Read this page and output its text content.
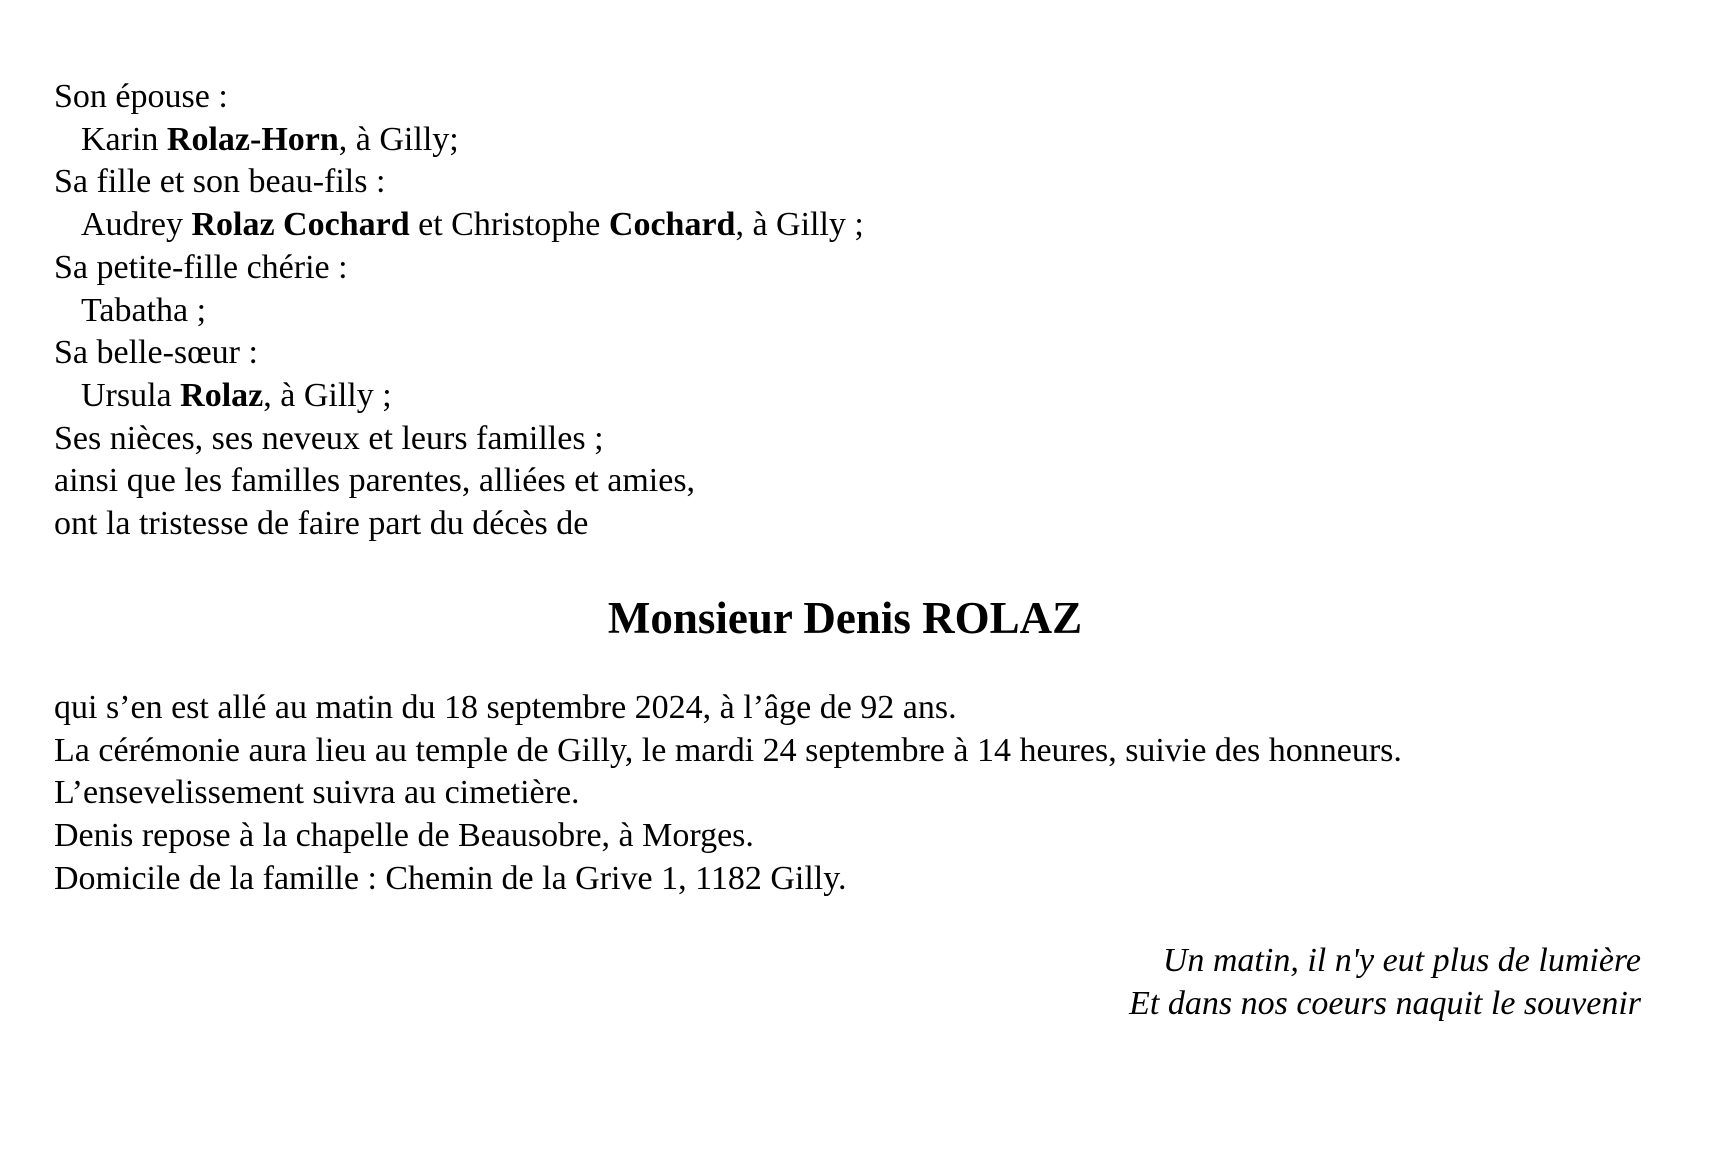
Son épouse :
Karin Rolaz-Horn, à Gilly;
Sa fille et son beau-fils :
Audrey Rolaz Cochard et Christophe Cochard, à Gilly ;
Sa petite-fille chérie :
Tabatha ;
Sa belle-sœur :
Ursula Rolaz, à Gilly ;
Ses nièces, ses neveux et leurs familles ;
ainsi que les familles parentes, alliées et amies,
ont la tristesse de faire part du décès de
Monsieur Denis ROLAZ
qui s’en est allé au matin du 18 septembre 2024, à l’âge de 92 ans.
La cérémonie aura lieu au temple de Gilly, le mardi 24 septembre à 14 heures, suivie des honneurs.
L’ensevelissement suivra au cimetière.
Denis repose à la chapelle de Beausobre, à Morges.
Domicile de la famille : Chemin de la Grive 1, 1182 Gilly.
Un matin, il n'y eut plus de lumière
Et dans nos coeurs naquit le souvenir
